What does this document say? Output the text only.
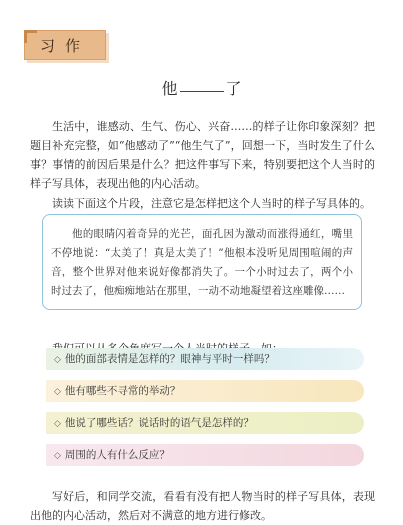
习作
他	了

生活中，谁感动、生气、伤心、兴奋……的样子让你印象深刻？把题目补充完整，如“他感动了”“他生气了”，回想一下，当时发生了什么事？事情的前因后果是什么？把这件事写下来，特别要把这个人当时的样子写具体，表现出他的内心活动。

读读下面这个片段，注意它是怎样把这个人当时的样子写具体的。

他的眼睛闪着奇异的光芒，面孔因为激动而涨得通红，嘴里不停地说：“太美了！真是太美了！”他根本没听见周围喧闹的声音，整个世界对他来说好像都消失了。一个小时过去了，两个小时过去了，他痴痴地站在那里，一动不动地凝望着这座雕像……

◇ 他的面部表情是怎样的？眼神与平时一样吗？
◇ 他有哪些不寻常的举动？
◇ 他说了哪些话？说话时的语气是怎样的？
◇ 周围的人有什么反应？

写好后，和同学交流，看看有没有把人物当时的样子写具体，表现出他的内心活动，然后对不满意的地方进行修改。
